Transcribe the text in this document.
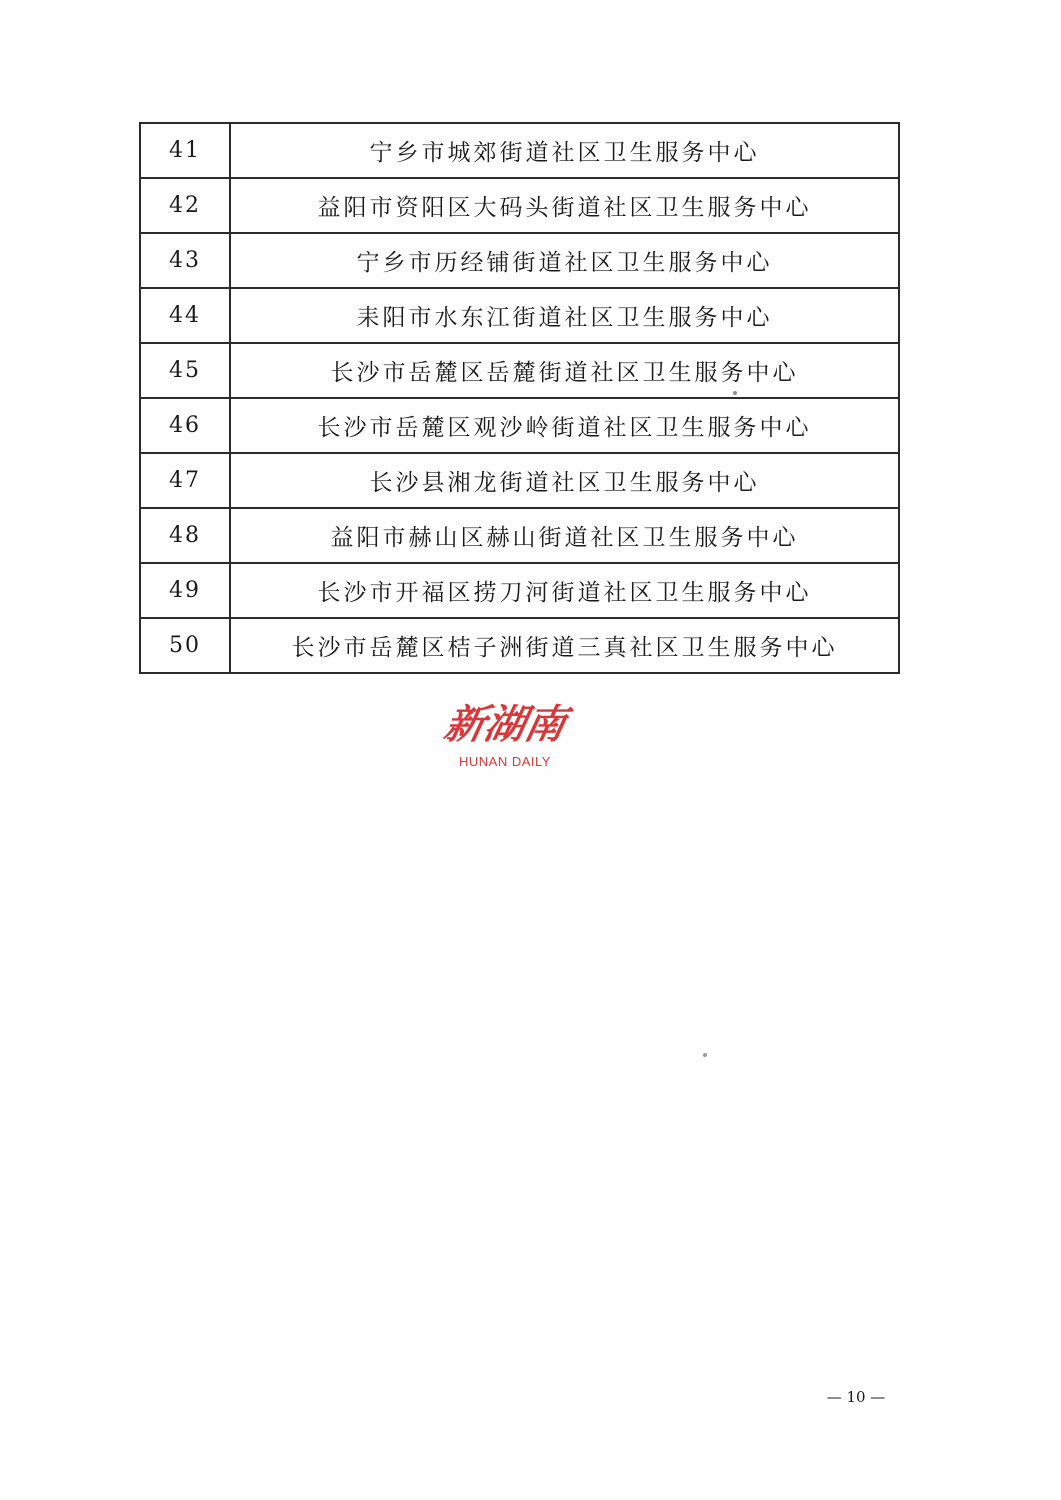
41	宁乡市城郊街道社区卫生服务中心
42	益阳市资阳区大码头街道社区卫生服务中心
43	宁乡市历经铺街道社区卫生服务中心
44	耒阳市水东江街道社区卫生服务中心
45	长沙市岳麓区岳麓街道社区卫生服务中心
46	长沙市岳麓区观沙岭街道社区卫生服务中心
47	长沙县湘龙街道社区卫生服务中心
48	益阳市赫山区赫山街道社区卫生服务中心
49	长沙市开福区捞刀河街道社区卫生服务中心
50	长沙市岳麓区桔子洲街道三真社区卫生服务中心
新湖南
HUNAN DAILY
— 10 —
